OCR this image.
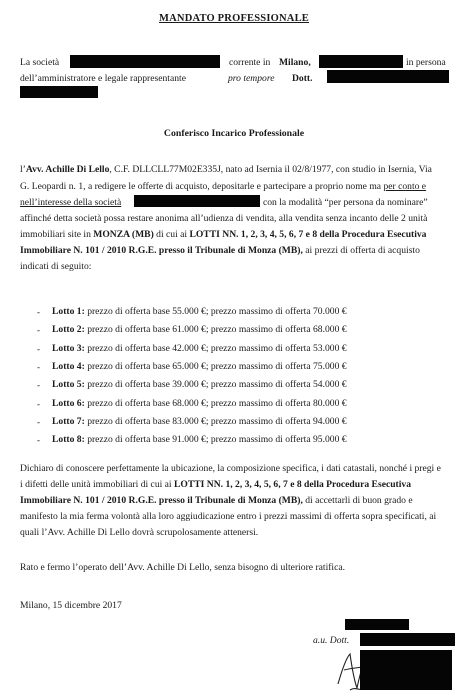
MANDATO PROFESSIONALE
La società	corrente in Milano,	in persona
dell’amministratore e legale rappresentante	pro tempore Dott.
Conferisco Incarico Professionale
l’Avv. Achille Di Lello, C.F. DLLCLL77M02E335J, nato ad Isernia il 02/8/1977, con studio in Isernia, Via
G. Leopardi n. 1, a redigere le offerte di acquisto, depositarle e partecipare a proprio nome ma per conto e
nell’interesse della società	con la modalità “per persona da nominare”
affinché detta società possa restare anonima all’udienza di vendita, alla vendita senza incanto delle 2 unità
immobiliari site in MONZA (MB) di cui ai LOTTI NN. 1, 2, 3, 4, 5, 6, 7 e 8 della Procedura Esecutiva
Immobiliare N. 101 / 2010 R.G.E. presso il Tribunale di Monza (MB), ai prezzi di offerta di acquisto
indicati di seguito:
- Lotto 1: prezzo di offerta base 55.000 €; prezzo massimo di offerta 70.000 €
- Lotto 2: prezzo di offerta base 61.000 €; prezzo massimo di offerta 68.000 €
- Lotto 3: prezzo di offerta base 42.000 €; prezzo massimo di offerta 53.000 €
- Lotto 4: prezzo di offerta base 65.000 €; prezzo massimo di offerta 75.000 €
- Lotto 5: prezzo di offerta base 39.000 €; prezzo massimo di offerta 54.000 €
- Lotto 6: prezzo di offerta base 68.000 €; prezzo massimo di offerta 80.000 €
- Lotto 7: prezzo di offerta base 83.000 €; prezzo massimo di offerta 94.000 €
- Lotto 8: prezzo di offerta base 91.000 €; prezzo massimo di offerta 95.000 €
Dichiaro di conoscere perfettamente la ubicazione, la composizione specifica, i dati catastali, nonché i pregi e
i difetti delle unità immobiliari di cui ai LOTTI NN. 1, 2, 3, 4, 5, 6, 7 e 8 della Procedura Esecutiva
Immobiliare N. 101 / 2010 R.G.E. presso il Tribunale di Monza (MB), di accettarli di buon grado e
manifesto la mia ferma volontà alla loro aggiudicazione entro i prezzi massimi di offerta sopra specificati, ai
quali l’Avv. Achille Di Lello dovrà scrupolosamente attenersi.
Rato e fermo l’operato dell’Avv. Achille Di Lello, senza bisogno di ulteriore ratifica.
Milano, 15 dicembre 2017
a.u. Dott.
